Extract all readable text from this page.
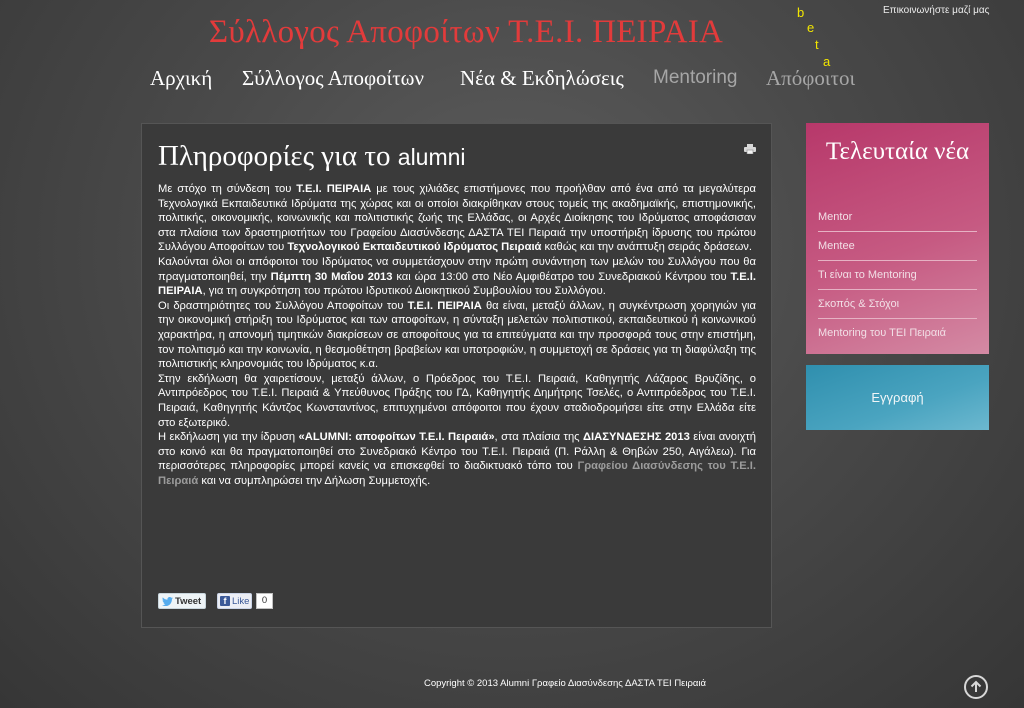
Σύλλογος Αποφοίτων Τ.Ε.Ι. ΠΕΙΡΑΙΑ
b
e
t
a
Επικοινωνήστε μαζί μας
Αρχική Σύλλογος Αποφοίτων Νέα & Εκδηλώσεις Mentoring Απόφοιτοι
Πληροφορίες για το alumni

Με στόχο τη σύνδεση του Τ.Ε.Ι. ΠΕΙΡΑΙΑ με τους χιλιάδες επιστήμονες που προήλθαν από ένα από τα μεγαλύτερα Τεχνολογικά Εκπαιδευτικά Ιδρύματα της χώρας και οι οποίοι διακρίθηκαν στους τομείς της ακαδημαϊκής, επιστημονικής, πολιτικής, οικονομικής, κοινωνικής και πολιτιστικής ζωής της Ελλάδας, οι Αρχές Διοίκησης του Ιδρύματος αποφάσισαν στα πλαίσια των δραστηριοτήτων του Γραφείου Διασύνδεσης ΔΑΣΤΑ ΤΕΙ Πειραιά την υποστήριξη ίδρυσης του πρώτου Συλλόγου Αποφοίτων του Τεχνολογικού Εκπαιδευτικού Ιδρύματος Πειραιά καθώς και την ανάπτυξη σειράς δράσεων.

Καλούνται όλοι οι απόφοιτοι του Ιδρύματος να συμμετάσχουν στην πρώτη συνάντηση των μελών του Συλλόγου που θα πραγματοποιηθεί, την Πέμπτη 30 Μαΐου 2013 και ώρα 13:00 στο Νέο Αμφιθέατρο του Συνεδριακού Κέντρου του Τ.Ε.Ι. ΠΕΙΡΑΙΑ, για τη συγκρότηση του πρώτου Ιδρυτικού Διοικητικού Συμβουλίου του Συλλόγου.

Οι δραστηριότητες του Συλλόγου Αποφοίτων του Τ.Ε.Ι. ΠΕΙΡΑΙΑ θα είναι, μεταξύ άλλων, η συγκέντρωση χορηγιών για την οικονομική στήριξη του Ιδρύματος και των αποφοίτων, η σύνταξη μελετών πολιτιστικού, εκπαιδευτικού ή κοινωνικού χαρακτήρα, η απονομή τιμητικών διακρίσεων σε αποφοίτους για τα επιτεύγματα και την προσφορά τους στην επιστήμη, τον πολιτισμό και την κοινωνία, η θεσμοθέτηση βραβείων και υποτροφιών, η συμμετοχή σε δράσεις για τη διαφύλαξη της πολιτιστικής κληρονομιάς του Ιδρύματος κ.α.

Στην εκδήλωση θα χαιρετίσουν, μεταξύ άλλων, ο Πρόεδρος του Τ.Ε.Ι. Πειραιά, Καθηγητής Λάζαρος Βρυζίδης, ο Αντιπρόεδρος του Τ.Ε.Ι. Πειραιά & Υπεύθυνος Πράξης του ΓΔ, Καθηγητής Δημήτρης Τσελές, ο Αντιπρόεδρος του Τ.Ε.Ι. Πειραιά, Καθηγητής Κάντζος Κωνσταντίνος, επιτυχημένοι απόφοιτοι που έχουν σταδιοδρομήσει είτε στην Ελλάδα είτε στο εξωτερικό.

Η εκδήλωση για την ίδρυση «ALUMNI: αποφοίτων Τ.Ε.Ι. Πειραιά», στα πλαίσια της ΔΙΑΣΥΝΔΕΣΗΣ 2013 είναι ανοιχτή στο κοινό και θα πραγματοποιηθεί στο Συνεδριακό Κέντρο του Τ.Ε.Ι. Πειραιά (Π. Ράλλη & Θηβών 250, Αιγάλεω). Για περισσότερες πληροφορίες μπορεί κανείς να επισκεφθεί το διαδικτυακό τόπο του Γραφείου Διασύνδεσης του Τ.Ε.Ι. Πειραιά και να συμπληρώσει την Δήλωση Συμμετοχής.

Tweet	f Like	0
Τελευταία νέα
Mentor
Mentee
Τι είναι το Mentoring
Σκοπός & Στόχοι
Mentoring του ΤΕΙ Πειραιά
Εγγραφή
Copyright © 2013 Alumni Γραφείο Διασύνδεσης ΔΑΣΤΑ ΤΕΙ Πειραιά
